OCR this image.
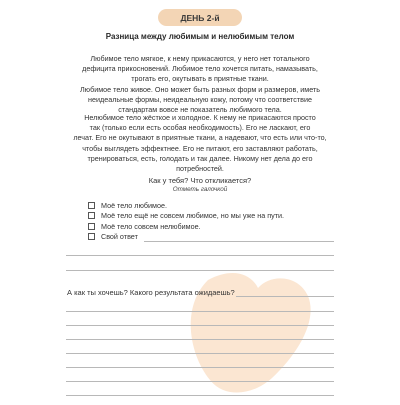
ДЕНЬ 2-й
Разница между любимым и нелюбимым телом
Любимое тело мягкое, к нему прикасаются, у него нет тотального
дефицита прикосновений. Любимое тело хочется питать, намазывать,
трогать его, окутывать в приятные ткани.
Любимое тело живое. Оно может быть разных форм и размеров, иметь
неидеальные формы, неидеальную кожу, потому что соответствие
стандартам вовсе не показатель любимого тела.
Нелюбимое тело жёсткое и холодное. К нему не прикасаются просто
так (только если есть особая необходимость). Его не ласкают, его
лечат. Его не окутывают в приятные ткани, а надевают, что есть или что-то,
чтобы выглядеть эффектнее. Его не питают, его заставляют работать,
тренироваться, есть, голодать и так далее. Никому нет дела до его
потребностей.
Как у тебя? Что откликается?
Отметь галочкой
Моё тело любимое.
Моё тело ещё не совсем любимое, но мы уже на пути.
Моё тело совсем нелюбимое.
Свой ответ
А как ты хочешь? Какого результата ожидаешь?
